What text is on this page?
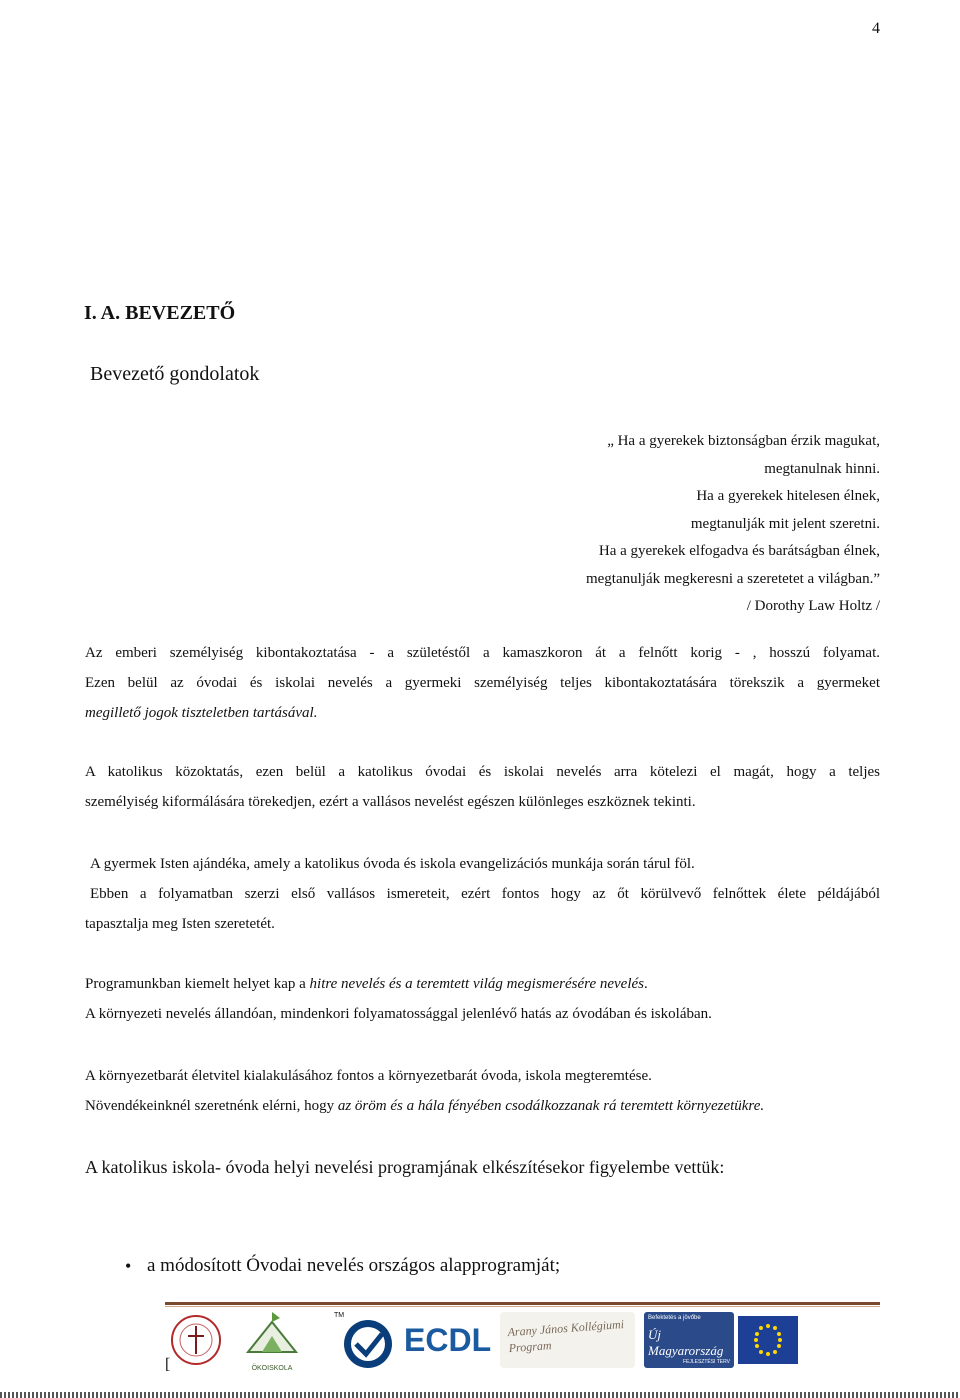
4
I. A. BEVEZETŐ
Bevezető gondolatok
„ Ha a gyerekek biztonságban érzik magukat,
megtanulnak hinni.
Ha a gyerekek hitelesen élnek,
megtanulják mit jelent szeretni.
Ha a gyerekek elfogadva és barátságban élnek,
megtanulják megkeresni a szeretetet a világban.”
/ Dorothy Law Holtz /
Az emberi személyiség kibontakoztatása - a születéstől a kamaszkoron át a felnőtt korig - , hosszú folyamat.
Ezen belül az óvodai és iskolai nevelés a gyermeki személyiség teljes kibontakoztatására törekszik a gyermeket
megillető jogok tiszteletben tartásával.
A katolikus közoktatás, ezen belül a katolikus óvodai és iskolai nevelés arra kötelezi el magát, hogy a teljes
személyiség kiformálására törekedjen, ezért a vallásos nevelést egészen különleges eszköznek tekinti.
A gyermek Isten ajándéka, amely a katolikus óvoda és iskola evangelizációs munkája során tárul föl.
Ebben a folyamatban szerzi első vallásos ismereteit, ezért fontos hogy az őt körülvevő felnőttek élete példájából
tapasztalja meg Isten szeretetét.
Programunkban kiemelt helyet kap a hitre nevelés és a teremtett világ megismerésére nevelés.
A környezeti nevelés állandóan, mindenkori folyamatossággal jelenlévő hatás az óvodában és iskolában.
A környezetbarát életvitel kialakulásához fontos a környezetbarát óvoda, iskola megteremtése.
Növendékeinknél szeretnénk elérni, hogy az öröm és a hála fényében csodálkozzanak rá teremtett környezetükre.
A katolikus iskola- óvoda helyi nevelési programjának elkészítésekor figyelembe vettük:
• a módosított Óvodai nevelés országos alapprogramját;
ÖKOISKOLA
TM
ECDL	Arany János Kollégiumi Program
Befektetés a jövőbe
Új Magyarország
FEJLESZTÉSI TERV
[
